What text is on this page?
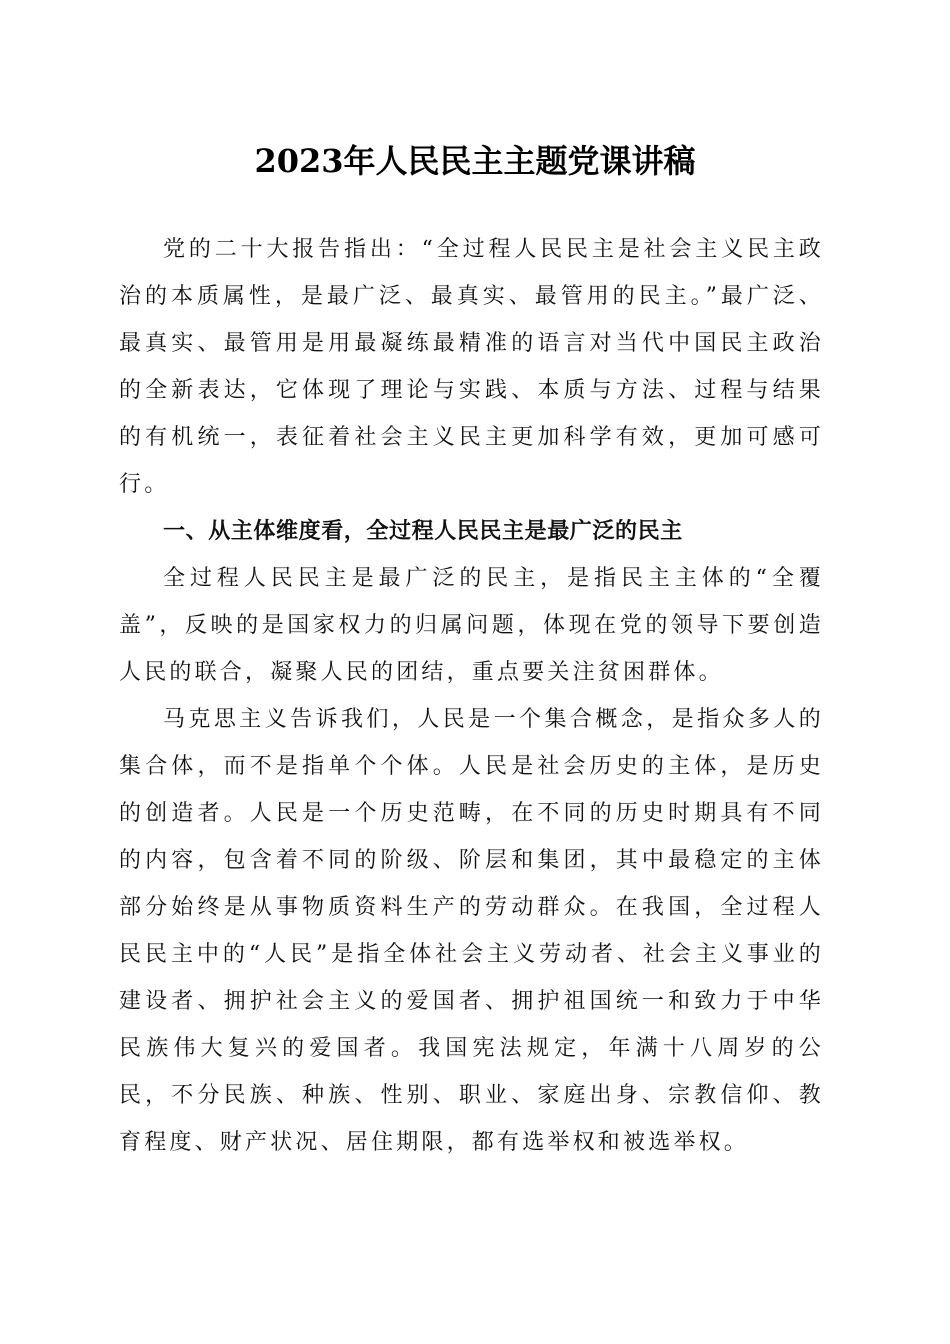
2023年人民民主主题党课讲稿

党的二十大报告指出：“全过程人民民主是社会主义民主政治的本质属性，是最广泛、最真实、最管用的民主。”最广泛、最真实、最管用是用最凝练最精准的语言对当代中国民主政治的全新表达，它体现了理论与实践、本质与方法、过程与结果的有机统一，表征着社会主义民主更加科学有效，更加可感可行。

一、从主体维度看，全过程人民民主是最广泛的民主

全过程人民民主是最广泛的民主，是指民主主体的“全覆盖”，反映的是国家权力的归属问题，体现在党的领导下要创造人民的联合，凝聚人民的团结，重点要关注贫困群体。

马克思主义告诉我们，人民是一个集合概念，是指众多人的集合体，而不是指单个个体。人民是社会历史的主体，是历史的创造者。人民是一个历史范畴，在不同的历史时期具有不同的内容，包含着不同的阶级、阶层和集团，其中最稳定的主体部分始终是从事物质资料生产的劳动群众。在我国，全过程人民民主中的“人民”是指全体社会主义劳动者、社会主义事业的建设者、拥护社会主义的爱国者、拥护祖国统一和致力于中华民族伟大复兴的爱国者。我国宪法规定，年满十八周岁的公民，不分民族、种族、性别、职业、家庭出身、宗教信仰、教育程度、财产状况、居住期限，都有选举权和被选举权。
